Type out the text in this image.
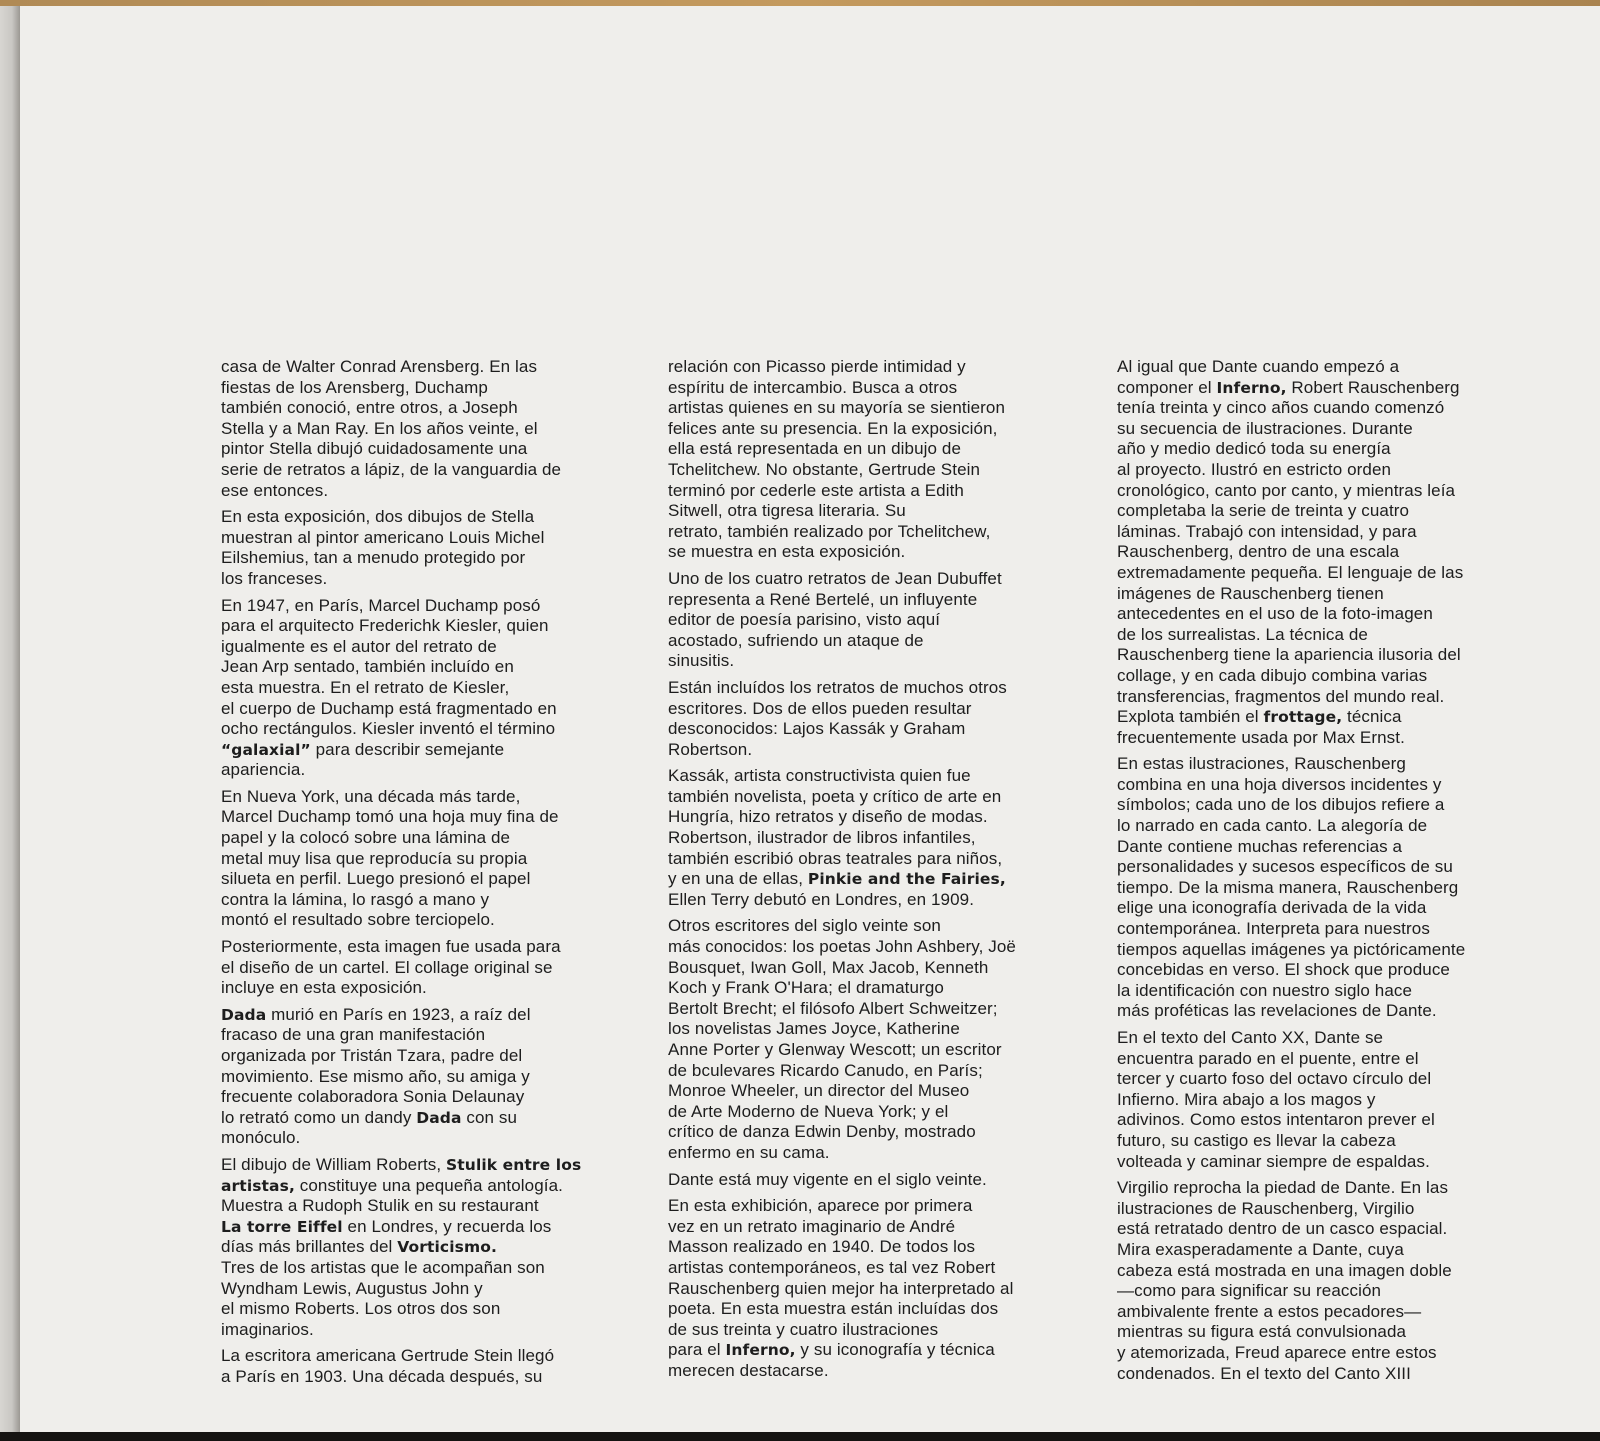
casa de Walter Conrad Arensberg. En las
fiestas de los Arensberg, Duchamp
también conoció, entre otros, a Joseph
Stella y a Man Ray. En los años veinte, el
pintor Stella dibujó cuidadosamente una
serie de retratos a lápiz, de la vanguardia de
ese entonces.

En esta exposición, dos dibujos de Stella
muestran al pintor americano Louis Michel
Eilshemius, tan a menudo protegido por
los franceses.

En 1947, en París, Marcel Duchamp posó
para el arquitecto Frederichk Kiesler, quien
igualmente es el autor del retrato de
Jean Arp sentado, también incluído en
esta muestra. En el retrato de Kiesler,
el cuerpo de Duchamp está fragmentado en
ocho rectángulos. Kiesler inventó el término
“galaxial” para describir semejante
apariencia.

En Nueva York, una década más tarde,
Marcel Duchamp tomó una hoja muy fina de
papel y la colocó sobre una lámina de
metal muy lisa que reproducía su propia
silueta en perfil. Luego presionó el papel
contra la lámina, lo rasgó a mano y
montó el resultado sobre terciopelo.

Posteriormente, esta imagen fue usada para
el diseño de un cartel. El collage original se
incluye en esta exposición.

Dada murió en París en 1923, a raíz del
fracaso de una gran manifestación
organizada por Tristán Tzara, padre del
movimiento. Ese mismo año, su amiga y
frecuente colaboradora Sonia Delaunay
lo retrató como un dandy Dada con su
monóculo.

El dibujo de William Roberts, Stulik entre los
artistas, constituye una pequeña antología.
Muestra a Rudoph Stulik en su restaurant
La torre Eiffel en Londres, y recuerda los
días más brillantes del Vorticismo.
Tres de los artistas que le acompañan son
Wyndham Lewis, Augustus John y
el mismo Roberts. Los otros dos son
imaginarios.

La escritora americana Gertrude Stein llegó
a París en 1903. Una década después, su

relación con Picasso pierde intimidad y
espíritu de intercambio. Busca a otros
artistas quienes en su mayoría se sientieron
felices ante su presencia. En la exposición,
ella está representada en un dibujo de
Tchelitchew. No obstante, Gertrude Stein
terminó por cederle este artista a Edith
Sitwell, otra tigresa literaria. Su
retrato, también realizado por Tchelitchew,
se muestra en esta exposición.

Uno de los cuatro retratos de Jean Dubuffet
representa a René Bertelé, un influyente
editor de poesía parisino, visto aquí
acostado, sufriendo un ataque de
sinusitis.

Están incluídos los retratos de muchos otros
escritores. Dos de ellos pueden resultar
desconocidos: Lajos Kassák y Graham
Robertson.

Kassák, artista constructivista quien fue
también novelista, poeta y crítico de arte en
Hungría, hizo retratos y diseño de modas.
Robertson, ilustrador de libros infantiles,
también escribió obras teatrales para niños,
y en una de ellas, Pinkie and the Fairies,
Ellen Terry debutó en Londres, en 1909.

Otros escritores del siglo veinte son
más conocidos: los poetas John Ashbery, Joë
Bousquet, Iwan Goll, Max Jacob, Kenneth
Koch y Frank O'Hara; el dramaturgo
Bertolt Brecht; el filósofo Albert Schweitzer;
los novelistas James Joyce, Katherine
Anne Porter y Glenway Wescott; un escritor
de bculevares Ricardo Canudo, en París;
Monroe Wheeler, un director del Museo
de Arte Moderno de Nueva York; y el
crítico de danza Edwin Denby, mostrado
enfermo en su cama.

Dante está muy vigente en el siglo veinte.

En esta exhibición, aparece por primera
vez en un retrato imaginario de André
Masson realizado en 1940. De todos los
artistas contemporáneos, es tal vez Robert
Rauschenberg quien mejor ha interpretado al
poeta. En esta muestra están incluídas dos
de sus treinta y cuatro ilustraciones
para el Inferno, y su iconografía y técnica
merecen destacarse.

Al igual que Dante cuando empezó a
componer el Inferno, Robert Rauschenberg
tenía treinta y cinco años cuando comenzó
su secuencia de ilustraciones. Durante
año y medio dedicó toda su energía
al proyecto. Ilustró en estricto orden
cronológico, canto por canto, y mientras leía
completaba la serie de treinta y cuatro
láminas. Trabajó con intensidad, y para
Rauschenberg, dentro de una escala
extremadamente pequeña. El lenguaje de las
imágenes de Rauschenberg tienen
antecedentes en el uso de la foto-imagen
de los surrealistas. La técnica de
Rauschenberg tiene la apariencia ilusoria del
collage, y en cada dibujo combina varias
transferencias, fragmentos del mundo real.
Explota también el frottage, técnica
frecuentemente usada por Max Ernst.

En estas ilustraciones, Rauschenberg
combina en una hoja diversos incidentes y
símbolos; cada uno de los dibujos refiere a
lo narrado en cada canto. La alegoría de
Dante contiene muchas referencias a
personalidades y sucesos específicos de su
tiempo. De la misma manera, Rauschenberg
elige una iconografía derivada de la vida
contemporánea. Interpreta para nuestros
tiempos aquellas imágenes ya pictóricamente
concebidas en verso. El shock que produce
la identificación con nuestro siglo hace
más proféticas las revelaciones de Dante.

En el texto del Canto XX, Dante se
encuentra parado en el puente, entre el
tercer y cuarto foso del octavo círculo del
Infierno. Mira abajo a los magos y
adivinos. Como estos intentaron prever el
futuro, su castigo es llevar la cabeza
volteada y caminar siempre de espaldas.

Virgilio reprocha la piedad de Dante. En las
ilustraciones de Rauschenberg, Virgilio
está retratado dentro de un casco espacial.
Mira exasperadamente a Dante, cuya
cabeza está mostrada en una imagen doble
—como para significar su reacción
ambivalente frente a estos pecadores—
mientras su figura está convulsionada
y atemorizada, Freud aparece entre estos
condenados. En el texto del Canto XIII
